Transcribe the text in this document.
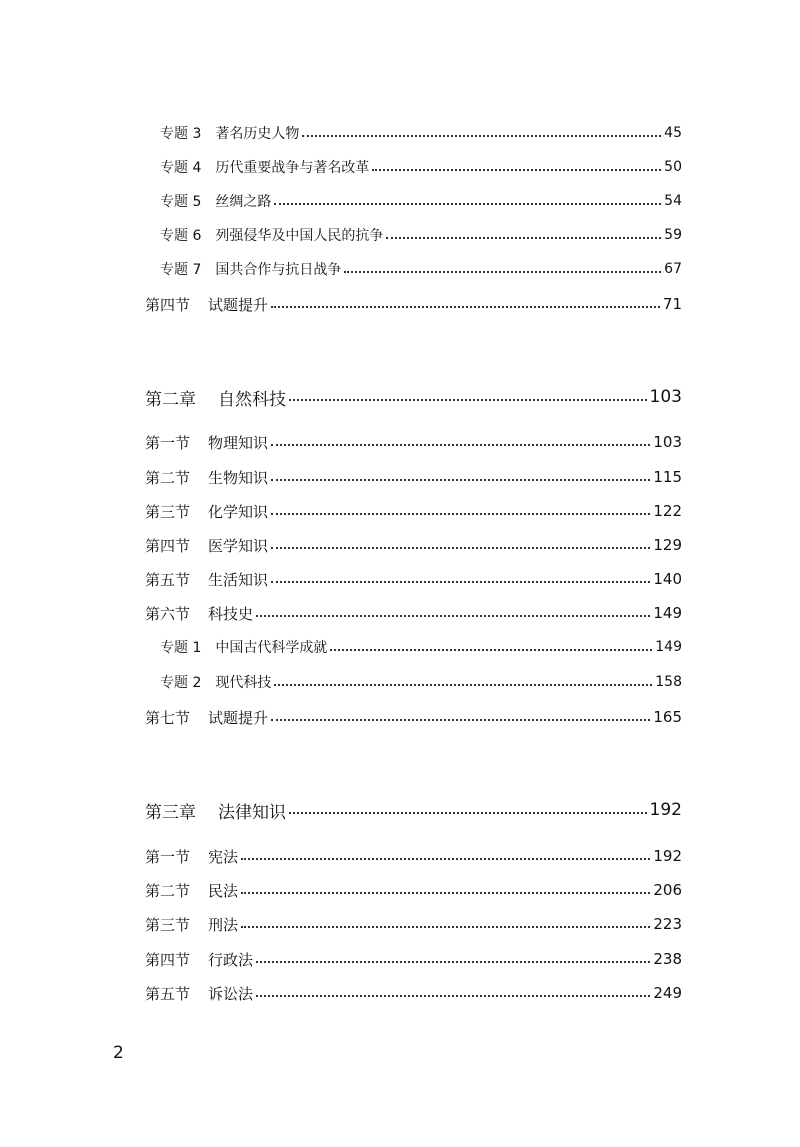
专题 3 著名历史人物	45
专题 4 历代重要战争与著名改革	50
专题 5 丝绸之路	54
专题 6 列强侵华及中国人民的抗争	59
专题 7 国共合作与抗日战争	67
第四节 试题提升	71
第二章 自然科技	103
第一节 物理知识	103
第二节 生物知识	115
第三节 化学知识	122
第四节 医学知识	129
第五节 生活知识	140
第六节 科技史	149
专题 1 中国古代科学成就	149
专题 2 现代科技	158
第七节 试题提升	165
第三章 法律知识	192
第一节 宪法	192
第二节 民法	206
第三节 刑法	223
第四节 行政法	238
第五节 诉讼法	249
2
